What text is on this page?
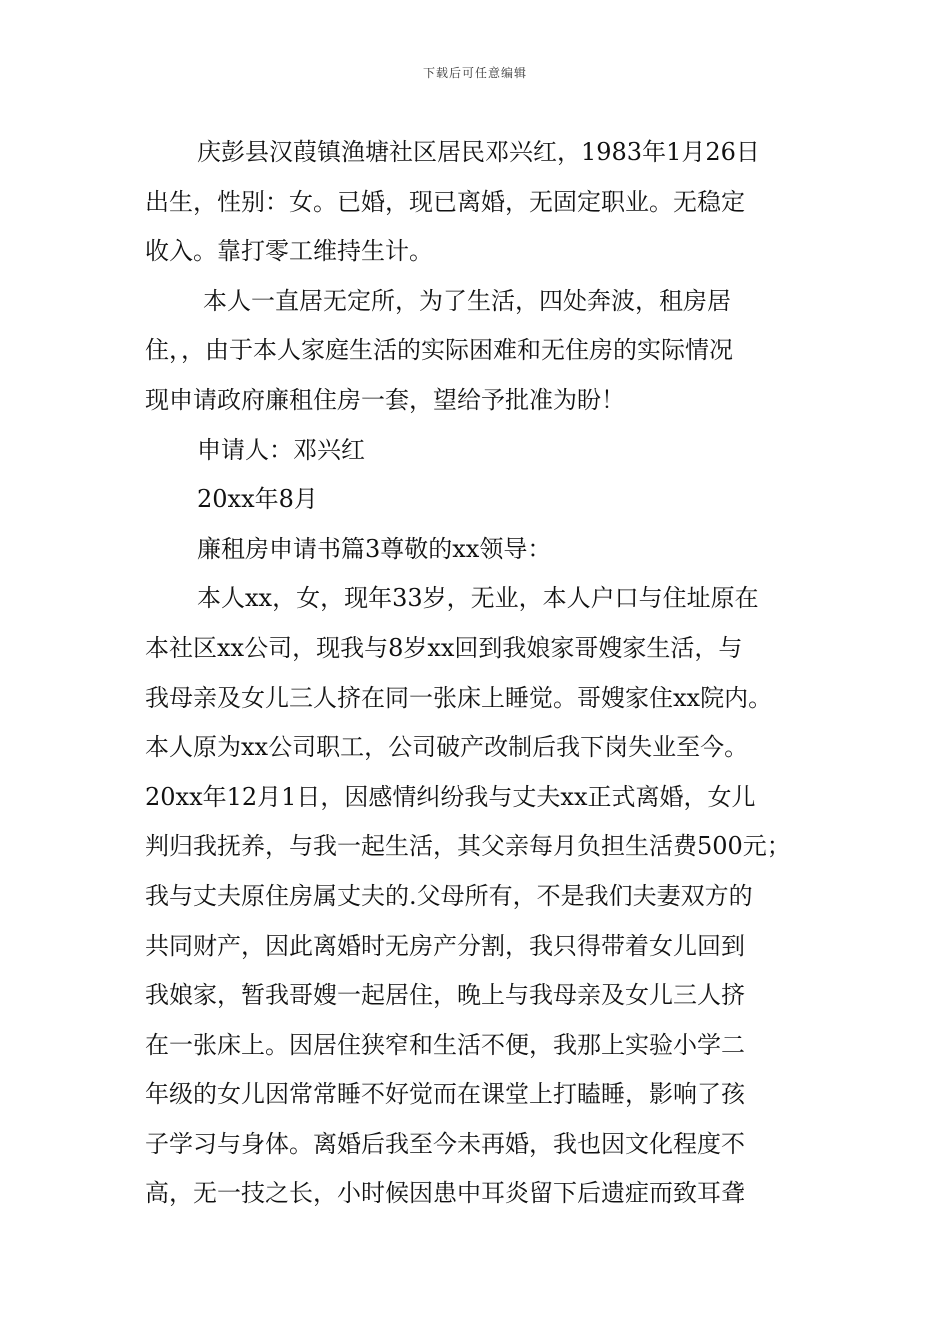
下载后可任意编辑
庆彭县汉葭镇渔塘社区居民邓兴红，1983年1月26日
出生，性别：女。已婚，现已离婚，无固定职业。无稳定
收入。靠打零工维持生计。
本人一直居无定所，为了生活，四处奔波，租房居
住，，由于本人家庭生活的实际困难和无住房的实际情况
现申请政府廉租住房一套，望给予批准为盼！
申请人：邓兴红
20xx年8月
廉租房申请书篇3尊敬的xx领导：
本人xx，女，现年33岁，无业，本人户口与住址原在
本社区xx公司，现我与8岁xx回到我娘家哥嫂家生活，与
我母亲及女儿三人挤在同一张床上睡觉。哥嫂家住xx院内。
本人原为xx公司职工，公司破产改制后我下岗失业至今。
20xx年12月1日，因感情纠纷我与丈夫xx正式离婚，女儿
判归我抚养，与我一起生活，其父亲每月负担生活费500元；
我与丈夫原住房属丈夫的.父母所有，不是我们夫妻双方的
共同财产，因此离婚时无房产分割，我只得带着女儿回到
我娘家，暂我哥嫂一起居住，晚上与我母亲及女儿三人挤
在一张床上。因居住狭窄和生活不便，我那上实验小学二
年级的女儿因常常睡不好觉而在课堂上打瞌睡，影响了孩
子学习与身体。离婚后我至今未再婚，我也因文化程度不
高，无一技之长，小时候因患中耳炎留下后遗症而致耳聋
